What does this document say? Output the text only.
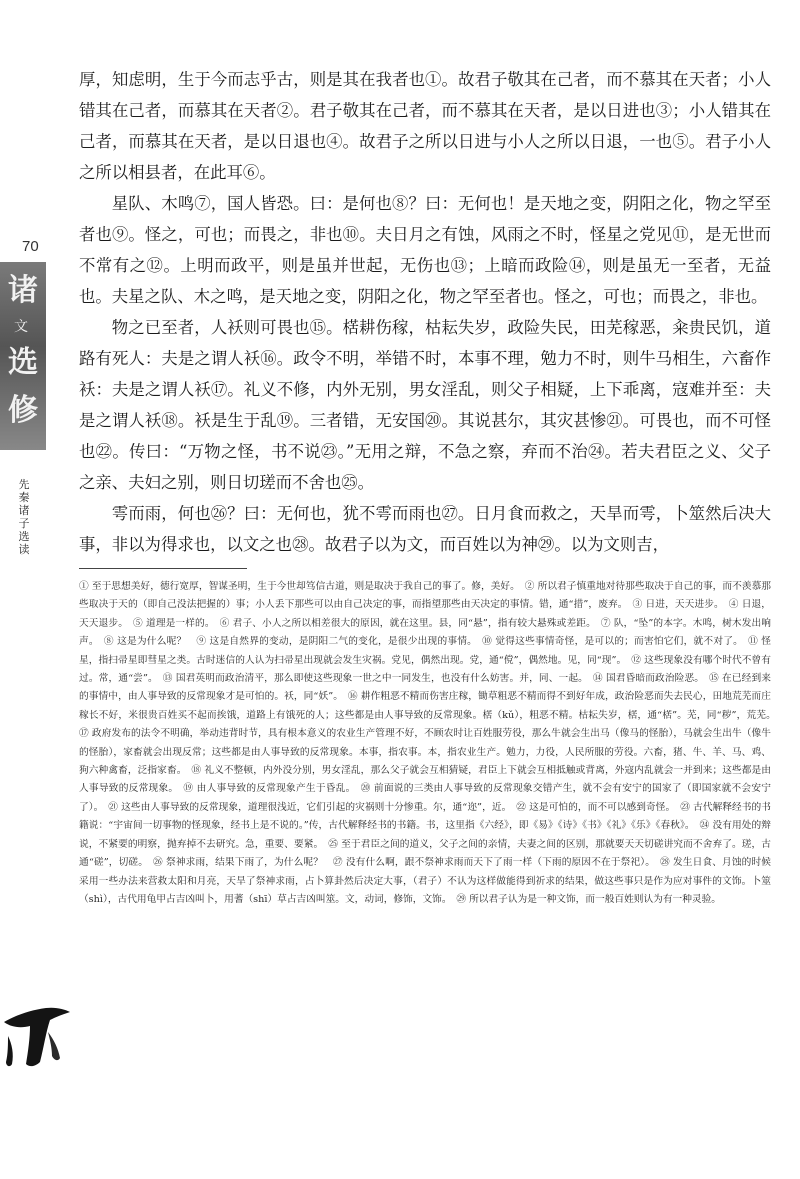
70
诸
文
选
修
先秦诸子选读

厚，知虑明，生于今而志乎古，则是其在我者也①。故君子敬其在己者，而不慕其在天者；小人错其在己者，而慕其在天者②。君子敬其在己者，而不慕其在天者，是以日进也③；小人错其在己者，而慕其在天者，是以日退也④。故君子之所以日进与小人之所以日退，一也⑤。君子小人之所以相县者，在此耳⑥。

星队、木鸣⑦，国人皆恐。曰：是何也⑧？曰：无何也！是天地之变，阴阳之化，物之罕至者也⑨。怪之，可也；而畏之，非也⑩。夫日月之有蚀，风雨之不时，怪星之党见⑪，是无世而不常有之⑫。上明而政平，则是虽并世起，无伤也⑬；上暗而政险⑭，则是虽无一至者，无益也。夫星之队、木之鸣，是天地之变，阴阳之化，物之罕至者也。怪之，可也；而畏之，非也。

物之已至者，人袄则可畏也⑮。楛耕伤稼，枯耘失岁，政险失民，田芜稼恶，籴贵民饥，道路有死人：夫是之谓人袄⑯。政令不明，举错不时，本事不理，勉力不时，则牛马相生，六畜作袄：夫是之谓人袄⑰。礼义不修，内外无别，男女淫乱，则父子相疑，上下乖离，寇难并至：夫是之谓人袄⑱。袄是生于乱⑲。三者错，无安国⑳。其说甚尔，其灾甚惨㉑。可畏也，而不可怪也㉒。传曰：“万物之怪，书不说㉓。”无用之辩，不急之察，弃而不治㉔。若夫君臣之义、父子之亲、夫妇之别，则日切瑳而不舍也㉕。

雩而雨，何也㉖？曰：无何也，犹不雩而雨也㉗。日月食而救之，天旱而雩，卜筮然后决大事，非以为得求也，以文之也㉘。故君子以为文，而百姓以为神㉙。以为文则吉，

① 至于思想美好，德行宽厚，智谋圣明，生于今世却笃信古道，则是取决于我自己的事了。修，美好。　② 所以君子慎重地对待那些取决于自己的事，而不羡慕那些取决于天的（即自己没法把握的）事；小人丢下那些可以由自己决定的事，而指望那些由天决定的事情。错，通“措”，废弃。　③ 日进，天天进步。　④ 日退，天天退步。　⑤ 道理是一样的。　⑥ 君子、小人之所以相差很大的原因，就在这里。县，同“悬”，指有较大悬殊或差距。　⑦ 队，“坠”的本字。木鸣，树木发出响声。　⑧ 这是为什么呢？　⑨ 这是自然界的变动，是阴阳二气的变化，是很少出现的事情。　⑩ 觉得这些事情奇怪，是可以的；而害怕它们，就不对了。　⑪ 怪星，指扫帚星即彗星之类。古时迷信的人认为扫帚星出现就会发生灾祸。党见，偶然出现。党，通“傥”，偶然地。见，同“现”。　⑫ 这些现象没有哪个时代不曾有过。常，通“尝”。　⑬ 国君英明而政治清平，那么即使这些现象一世之中一同发生，也没有什么妨害。并，同、一起。　⑭ 国君昏暗而政治险恶。　⑮ 在已经到来的事情中，由人事导致的反常现象才是可怕的。袄，同“妖”。　⑯ 耕作粗恶不精而伤害庄稼，锄草粗恶不精而得不到好年成，政治险恶而失去民心，田地荒芜而庄稼长不好，米很贵百姓买不起而挨饿，道路上有饿死的人；这些都是由人事导致的反常现象。楛（kǔ），粗恶不精。枯耘失岁，楛，通“楛”。芜，同“秽”，荒芜。　⑰ 政府发布的法令不明确，举动违背时节，具有根本意义的农业生产管理不好，不顾农时让百姓服劳役，那么牛就会生出马（像马的怪胎），马就会生出牛（像牛的怪胎），家畜就会出现反常；这些都是由人事导致的反常现象。本事，指农事。本，指农业生产。勉力，力役，人民所服的劳役。六畜，猪、牛、羊、马、鸡、狗六种禽畜，泛指家畜。　⑱ 礼义不整顿，内外没分别，男女淫乱，那么父子就会互相猜疑，君臣上下就会互相抵触或背离，外寇内乱就会一并到来；这些都是由人事导致的反常现象。　⑲ 由人事导致的反常现象产生于昏乱。　⑳ 前面说的三类由人事导致的反常现象交错产生，就不会有安宁的国家了（即国家就不会安宁了）。　㉑ 这些由人事导致的反常现象，道理很浅近，它们引起的灾祸则十分惨重。尔，通“迩”，近。　㉒ 这是可怕的，而不可以感到奇怪。　㉓ 古代解释经书的书籍说：“宇宙间一切事物的怪现象，经书上是不说的。”传，古代解释经书的书籍。书，这里指《六经》，即《易》《诗》《书》《礼》《乐》《春秋》。　㉔ 没有用处的辩说，不紧要的明察，抛弃掉不去研究。急，重要、要紧。　㉕ 至于君臣之间的道义，父子之间的亲情，夫妻之间的区别，那就要天天切磋讲究而不舍弃了。瑳，古通“磋”，切磋。　㉖ 祭神求雨，结果下雨了，为什么呢？　㉗ 没有什么啊，跟不祭神求雨而天下了雨一样（下雨的原因不在于祭祀）。　㉘ 发生日食、月蚀的时候采用一些办法来营救太阳和月亮，天旱了祭神求雨，占卜算卦然后决定大事，（君子）不认为这样做能得到祈求的结果，做这些事只是作为应对事件的文饰。卜筮（shì），古代用龟甲占吉凶叫卜，用蓍（shī）草占吉凶叫筮。文，动词，修饰，文饰。　㉙ 所以君子认为是一种文饰，而一般百姓则认为有一种灵验。
